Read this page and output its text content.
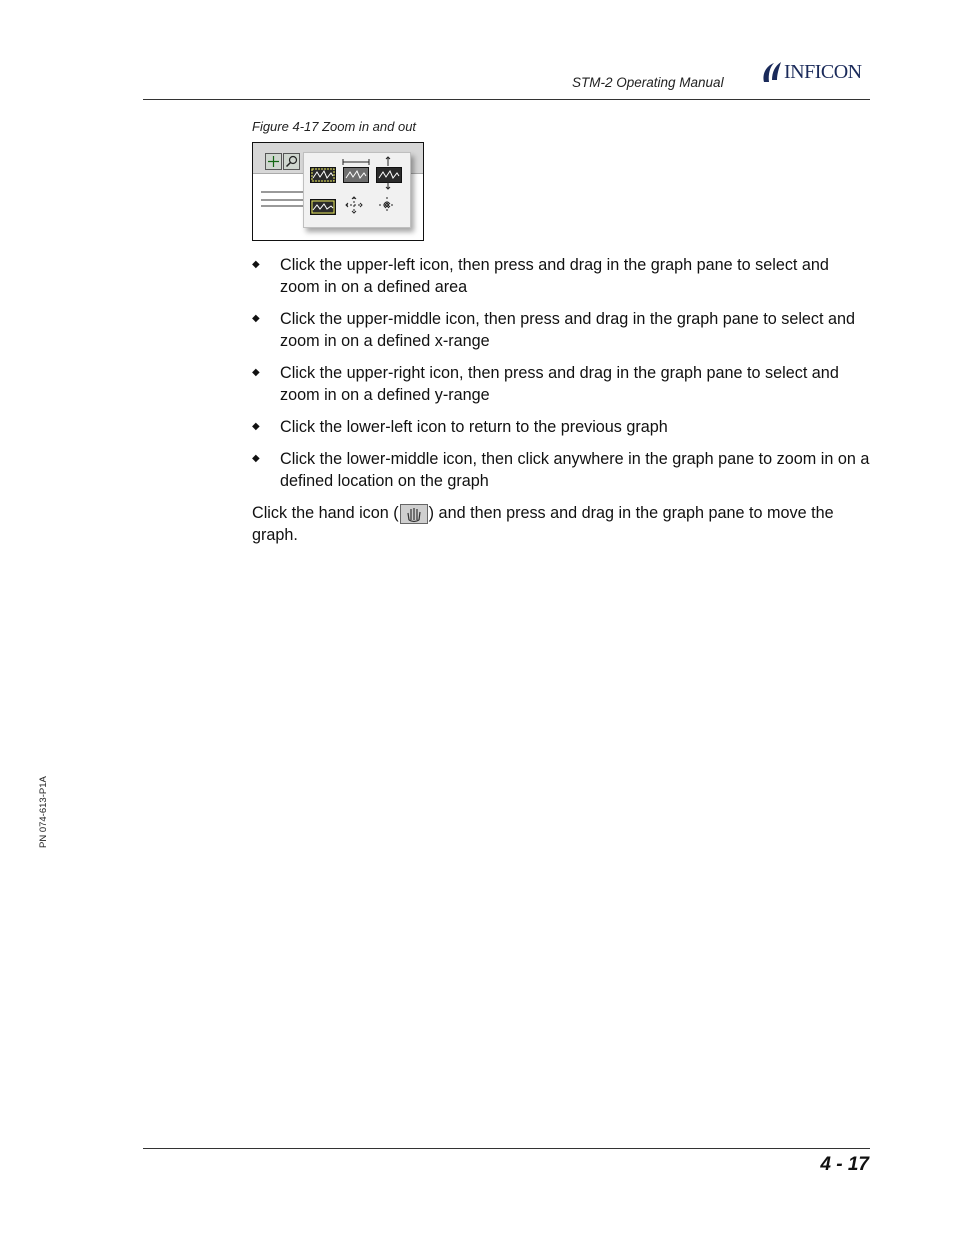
STM-2 Operating Manual	INFICON
Figure 4-17 Zoom in and out
◆ Click the upper-left icon, then press and drag in the graph pane to select and zoom in on a defined area
◆ Click the upper-middle icon, then press and drag in the graph pane to select and zoom in on a defined x-range
◆ Click the upper-right icon, then press and drag in the graph pane to select and zoom in on a defined y-range
◆ Click the lower-left icon to return to the previous graph
◆ Click the lower-middle icon, then click anywhere in the graph pane to zoom in on a defined location on the graph

Click the hand icon ( ) and then press and drag in the graph pane to move the graph.

PN 074-613-P1A
4 - 17
